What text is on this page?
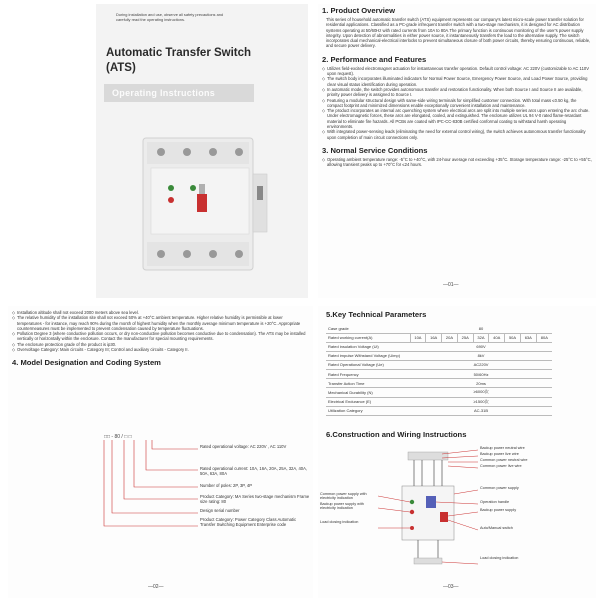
During installation and use, observe all safety precautions and carefully read the operating instructions.
Automatic Transfer Switch
(ATS)
Operating Instructions
1. Product Overview
This series of household automatic transfer switch (ATS) equipment represents our company's latest micro-scale power transfer solution for residential applications. Classified as a PC-grade infrequent transfer switch with a two-stage mechanism, it is designed for AC distribution systems operating at 50/60Hz with rated currents from 10A to 80A.The primary function is continuous monitoring of the user's power supply integrity. Upon detection of abnormalities in either power source, it instantaneously transfers the load to the alternative supply. The switch incorporates dual mechanical-electrical interlocks to prevent simultaneous closure of both power circuits, thereby ensuring continuous, reliable, and secure power delivery.
2. Performance and Features
◇ Utilizes field-excited electromagnet actuation for instantaneous transfer operation. Default control voltage: AC 220V (customizable to AC 110V upon request).
◇ The switch body incorporates illuminated indicators for Normal Power Source, Emergency Power Source, and Load Power Source, providing clear visual status identification during operation.
◇ In automatic mode, the switch provides autonomous transfer and restoration functionality. When both Source I and Source II are available, priority power delivery is assigned to Source I.
◇ Featuring a modular structural design with same-side wiring terminals for simplified customer connection. With total mass ≤0.50 kg, the compact footprint and minimized dimensions enable exceptionally convenient installation and maintenance.
◇ The product incorporates an internal arc quenching system where electrical arcs are split into multiple series arcs upon entering the arc chute. Under electromagnetic forces, these arcs are elongated, cooled, and extinguished. The enclosure utilizes UL 94 V-0 rated flame-retardant material to eliminate fire hazards. All PCBs are coated with IPC-CC-830B certified conformal coating to withstand harsh operating environments.
◇ With integrated power-sensing leads (eliminating the need for external control wiring), the switch achieves autonomous transfer functionality upon completion of main circuit connections only.
3. Normal Service Conditions
◇ Operating ambient temperature range: -5°C to +40°C, with 24-hour average not exceeding +35°C. Storage temperature range: -25°C to +55°C, allowing transient peaks up to +70°C for ≤24 hours.
—01—
◇ Installation altitude shall not exceed 2000 meters above sea level.
◇ The relative humidity of the installation site shall not exceed 50% at +40°C ambient temperature. Higher relative humidity is permissible at lower temperatures - for instance, may reach 90% during the month of highest humidity when the monthly average minimum temperature is +20°C. Appropriate countermeasures must be implemented to prevent condensation caused by temperature fluctuations.
◇ Pollution Degree 3 (where conductive pollution occurs, or dry non-conductive pollution becomes conductive due to condensation). The ATS may be installed vertically or horizontally within the enclosure. Contact the manufacturer for special mounting requirements.
◇ The enclosure protection grade of the product is ip30.
◇ Overvoltage Category: Main circuits - Category III; Control and auxiliary circuits - Category II.
4. Model Designation and Coding System
□□ - 80 / □ □
Rated operational voltage: AC 220V , AC 110V
Rated operational current: 10A, 16A, 20A, 25A, 32A, 40A, 50A, 63A, 80A
Number of poles: 2P, 3P, 4P
Product Category: MA Series two-stage mechanism Frame size rating: 80
Design serial number
Product Category: Power Category Class Automatic Transfer Switching Equipment Enterprise code
—02—
5.Key Technical Parameters
Case grade	80								
Rated working current(A)	10A	16A	20A	25A	32A	40A	50A	63A	80A
Rated insulation Voltage (Ui)	690V								
Rated impulse Withstand Voltage (Uimp)	8kV								
Rated Operational Voltage (Ue)	AC220V								
Rated Frequency	50/60Hz								
Transfer Action Time	20ms								
Mechanical Durability (N)	≥6000次								
Electrical Endurance (E)	≥1500次								
Utilization Category	AC-31B								
6.Construction and Wiring Instructions
Backup power neutral wire
Backup power live wire
Common power neutral wire
Common power live wire
Common power supply
Operation handle
Backup power supply
Auto/Manual switch
Load closing indication
Common power supply with electricity indication
Backup power supply with electricity indication
Load closing indication
—03—
